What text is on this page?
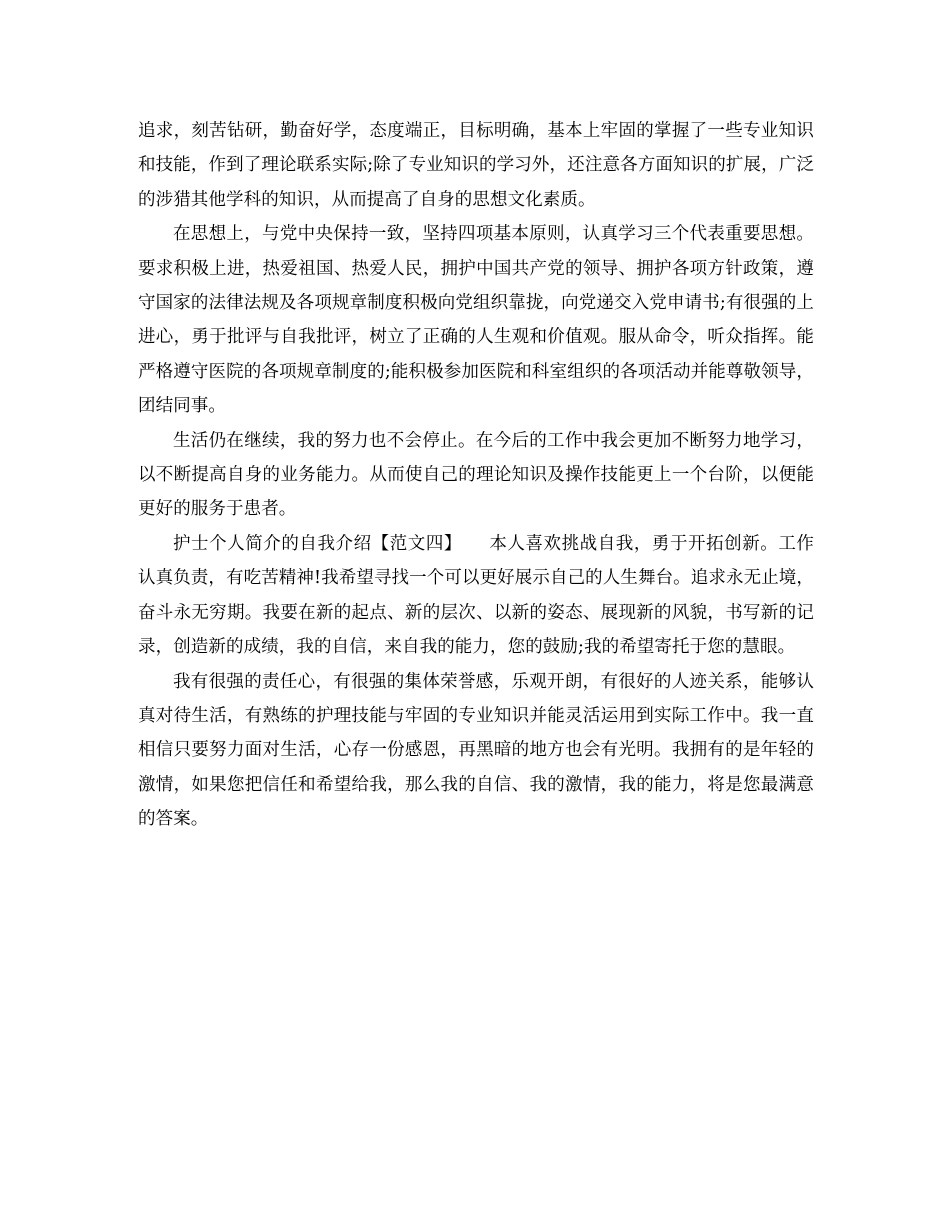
追求，刻苦钻研，勤奋好学，态度端正，目标明确，基本上牢固的掌握了一些专业知识和技能，作到了理论联系实际;除了专业知识的学习外，还注意各方面知识的扩展，广泛的涉猎其他学科的知识，从而提高了自身的思想文化素质。

在思想上，与党中央保持一致，坚持四项基本原则，认真学习三个代表重要思想。要求积极上进，热爱祖国、热爱人民，拥护中国共产党的领导、拥护各项方针政策，遵守国家的法律法规及各项规章制度积极向党组织靠拢，向党递交入党申请书;有很强的上进心，勇于批评与自我批评，树立了正确的人生观和价值观。服从命令，听众指挥。能严格遵守医院的各项规章制度的;能积极参加医院和科室组织的各项活动并能尊敬领导，团结同事。

生活仍在继续，我的努力也不会停止。在今后的工作中我会更加不断努力地学习，以不断提高自身的业务能力。从而使自己的理论知识及操作技能更上一个台阶，以便能更好的服务于患者。

护士个人简介的自我介绍【范文四】　　本人喜欢挑战自我，勇于开拓创新。工作认真负责，有吃苦精神!我希望寻找一个可以更好展示自己的人生舞台。追求永无止境，奋斗永无穷期。我要在新的起点、新的层次、以新的姿态、展现新的风貌，书写新的记录，创造新的成绩，我的自信，来自我的能力，您的鼓励;我的希望寄托于您的慧眼。

我有很强的责任心，有很强的集体荣誉感，乐观开朗，有很好的人迹关系，能够认真对待生活，有熟练的护理技能与牢固的专业知识并能灵活运用到实际工作中。我一直相信只要努力面对生活，心存一份感恩，再黑暗的地方也会有光明。我拥有的是年轻的激情，如果您把信任和希望给我，那么我的自信、我的激情，我的能力，将是您最满意的答案。
